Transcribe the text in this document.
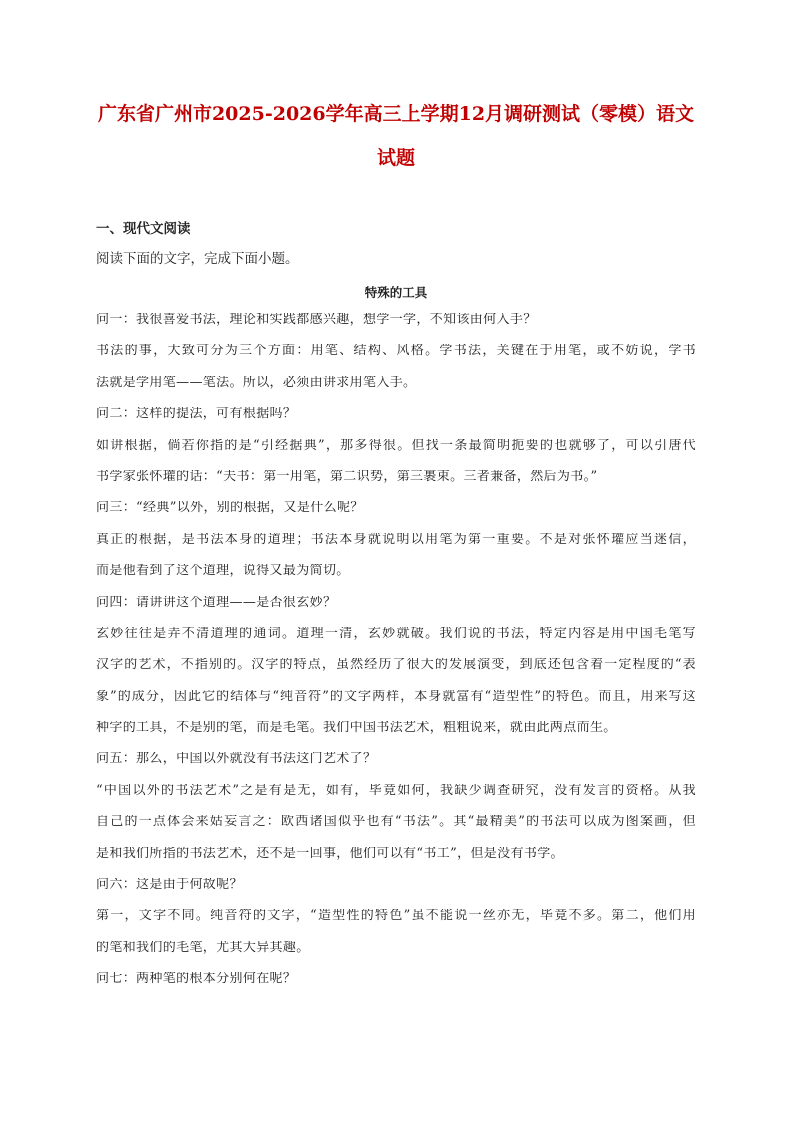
广东省广州市2025-2026学年高三上学期12月调研测试（零模）语文
试题
一、现代文阅读
阅读下面的文字，完成下面小题。
特殊的工具
问一：我很喜爱书法，理论和实践都感兴趣，想学一学，不知该由何入手？
书法的事，大致可分为三个方面：用笔、结构、风格。学书法，关键在于用笔，或不妨说，学书
法就是学用笔——笔法。所以，必须由讲求用笔入手。
问二：这样的提法，可有根据吗？
如讲根据，倘若你指的是“引经据典”，那多得很。但找一条最简明扼要的也就够了，可以引唐代
书学家张怀瓘的话：“夫书：第一用笔，第二识势，第三裹束。三者兼备，然后为书。”
问三：“经典”以外，别的根据，又是什么呢？
真正的根据，是书法本身的道理；书法本身就说明以用笔为第一重要。不是对张怀瓘应当迷信，
而是他看到了这个道理，说得又最为简切。
问四：请讲讲这个道理——是否很玄妙？
玄妙往往是弄不清道理的通词。道理一清，玄妙就破。我们说的书法，特定内容是用中国毛笔写
汉字的艺术，不指别的。汉字的特点，虽然经历了很大的发展演变，到底还包含着一定程度的“表
象”的成分，因此它的结体与“纯音符”的文字两样，本身就富有“造型性”的特色。而且，用来写这
种字的工具，不是别的笔，而是毛笔。我们中国书法艺术，粗粗说来，就由此两点而生。
问五：那么，中国以外就没有书法这门艺术了？
“中国以外的书法艺术”之是有是无，如有，毕竟如何，我缺少调查研究，没有发言的资格。从我
自己的一点体会来姑妄言之：欧西诸国似乎也有“书法”。其“最精美”的书法可以成为图案画，但
是和我们所指的书法艺术，还不是一回事，他们可以有“书工”，但是没有书学。
问六：这是由于何故呢？
第一，文字不同。纯音符的文字，“造型性的特色”虽不能说一丝亦无，毕竟不多。第二，他们用
的笔和我们的毛笔，尤其大异其趣。
问七：两种笔的根本分别何在呢？
